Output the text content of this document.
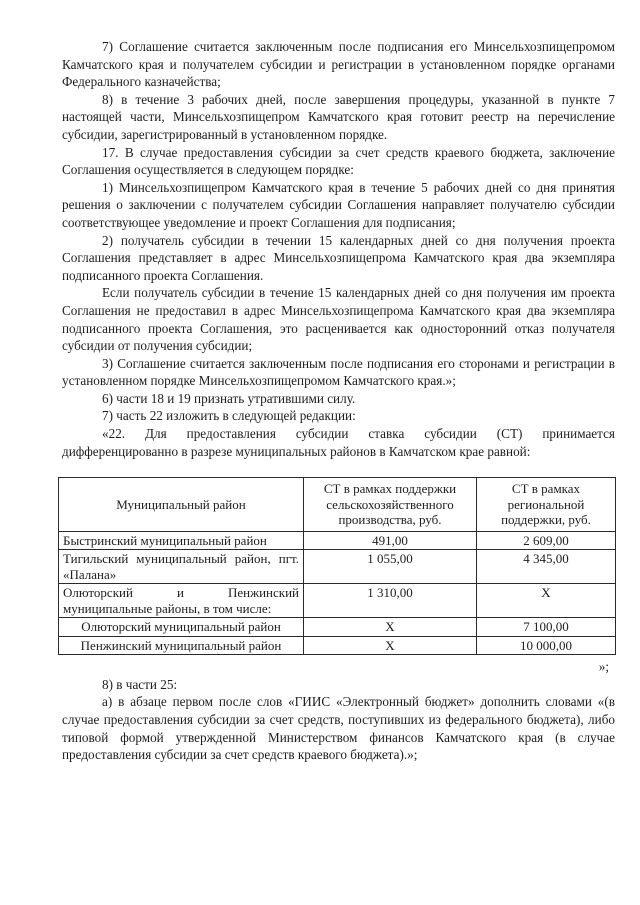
7) Соглашение считается заключенным после подписания его Минсельхозпищепромом Камчатского края и получателем субсидии и регистрации в установленном порядке органами Федерального казначейства;

8) в течение 3 рабочих дней, после завершения процедуры, указанной в пункте 7 настоящей части, Минсельхозпищепром Камчатского края готовит реестр на перечисление субсидии, зарегистрированный в установленном порядке.

17. В случае предоставления субсидии за счет средств краевого бюджета, заключение Соглашения осуществляется в следующем порядке:

1) Минсельхозпищепром Камчатского края в течение 5 рабочих дней со дня принятия решения о заключении с получателем субсидии Соглашения направляет получателю субсидии соответствующее уведомление и проект Соглашения для подписания;

2) получатель субсидии в течении 15 календарных дней со дня получения проекта Соглашения представляет в адрес Минсельхозпищепрома Камчатского края два экземпляра подписанного проекта Соглашения.

Если получатель субсидии в течение 15 календарных дней со дня получения им проекта Соглашения не предоставил в адрес Минсельхозпищепрома Камчатского края два экземпляра подписанного проекта Соглашения, это расценивается как односторонний отказ получателя субсидии от получения субсидии;

3) Соглашение считается заключенным после подписания его сторонами и регистрации в установленном порядке Минсельхозпищепромом Камчатского края.»;

6) части 18 и 19 признать утратившими силу.

7) часть 22 изложить в следующей редакции:

«22. Для предоставления субсидии ставка субсидии (СТ) принимается дифференцированно в разрезе муниципальных районов в Камчатском крае равной:

Муниципальный район	СТ в рамках поддержки сельскохозяйственного производства, руб.	СТ в рамках региональной поддержки, руб.
Быстринский муниципальный район	491,00	2 609,00
Тигильский муниципальный район, пгт. «Палана»	1 055,00	4 345,00
Олюторский и Пенжинский муниципальные районы, в том числе:	1 310,00	Х
Олюторский муниципальный район	Х	7 100,00
Пенжинский муниципальный район	Х	10 000,00

»;

8) в части 25:

а) в абзаце первом после слов «ГИИС «Электронный бюджет» дополнить словами «(в случае предоставления субсидии за счет средств, поступивших из федерального бюджета), либо типовой формой утвержденной Министерством финансов Камчатского края (в случае предоставления субсидии за счет средств краевого бюджета).»;
